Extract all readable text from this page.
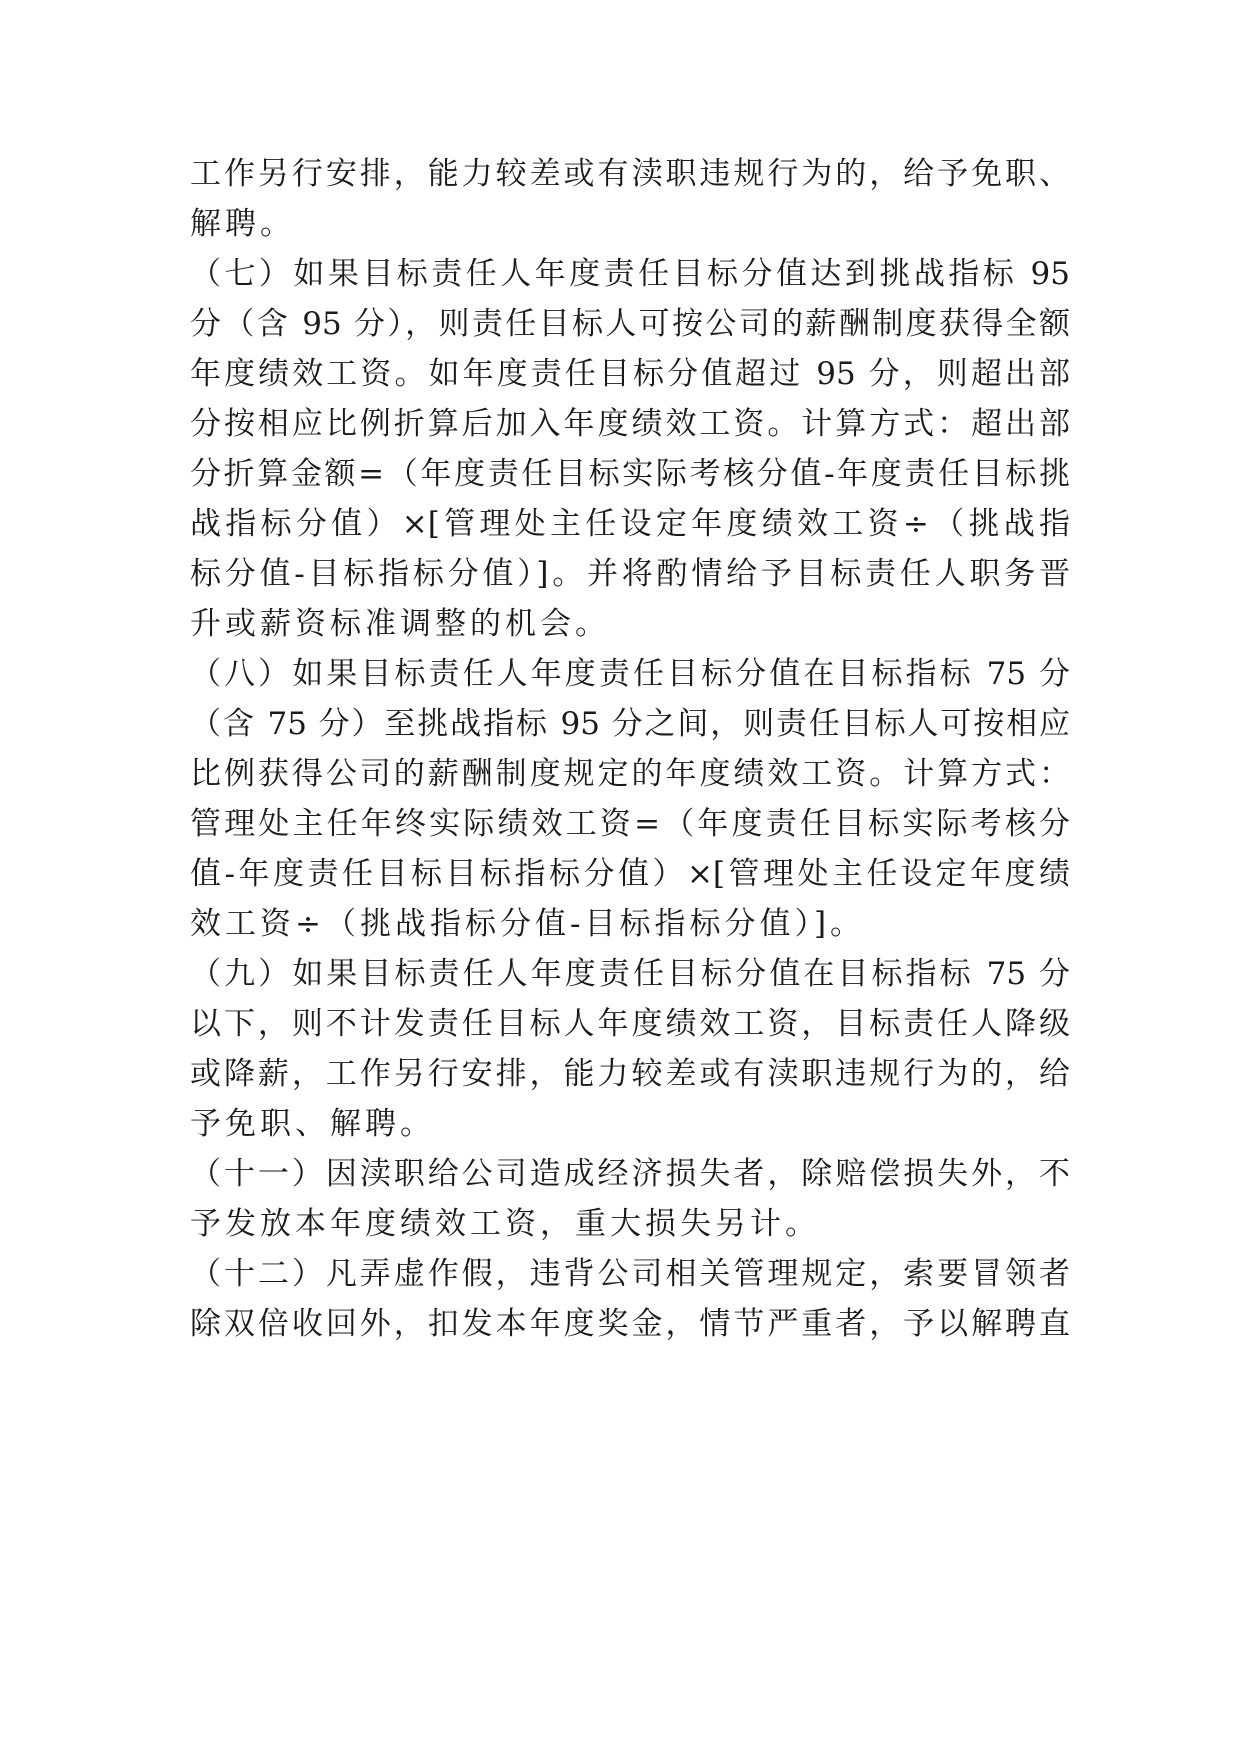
工作另行安排，能力较差或有渎职违规行为的，给予免职、
解聘。
（七）如果目标责任人年度责任目标分值达到挑战指标 95
分（含 95 分），则责任目标人可按公司的薪酬制度获得全额
年度绩效工资。如年度责任目标分值超过 95 分，则超出部
分按相应比例折算后加入年度绩效工资。计算方式：超出部
分折算金额=（年度责任目标实际考核分值-年度责任目标挑
战指标分值）×[管理处主任设定年度绩效工资÷（挑战指
标分值-目标指标分值）]。并将酌情给予目标责任人职务晋
升或薪资标准调整的机会。
（八）如果目标责任人年度责任目标分值在目标指标 75 分
（含 75 分）至挑战指标 95 分之间，则责任目标人可按相应
比例获得公司的薪酬制度规定的年度绩效工资。计算方式：
管理处主任年终实际绩效工资=（年度责任目标实际考核分
值-年度责任目标目标指标分值）×[管理处主任设定年度绩
效工资÷（挑战指标分值-目标指标分值）]。
（九）如果目标责任人年度责任目标分值在目标指标 75 分
以下，则不计发责任目标人年度绩效工资，目标责任人降级
或降薪，工作另行安排，能力较差或有渎职违规行为的，给
予免职、解聘。
（十一）因渎职给公司造成经济损失者，除赔偿损失外，不
予发放本年度绩效工资，重大损失另计。
（十二）凡弄虚作假，违背公司相关管理规定，索要冒领者
除双倍收回外，扣发本年度奖金，情节严重者，予以解聘直
